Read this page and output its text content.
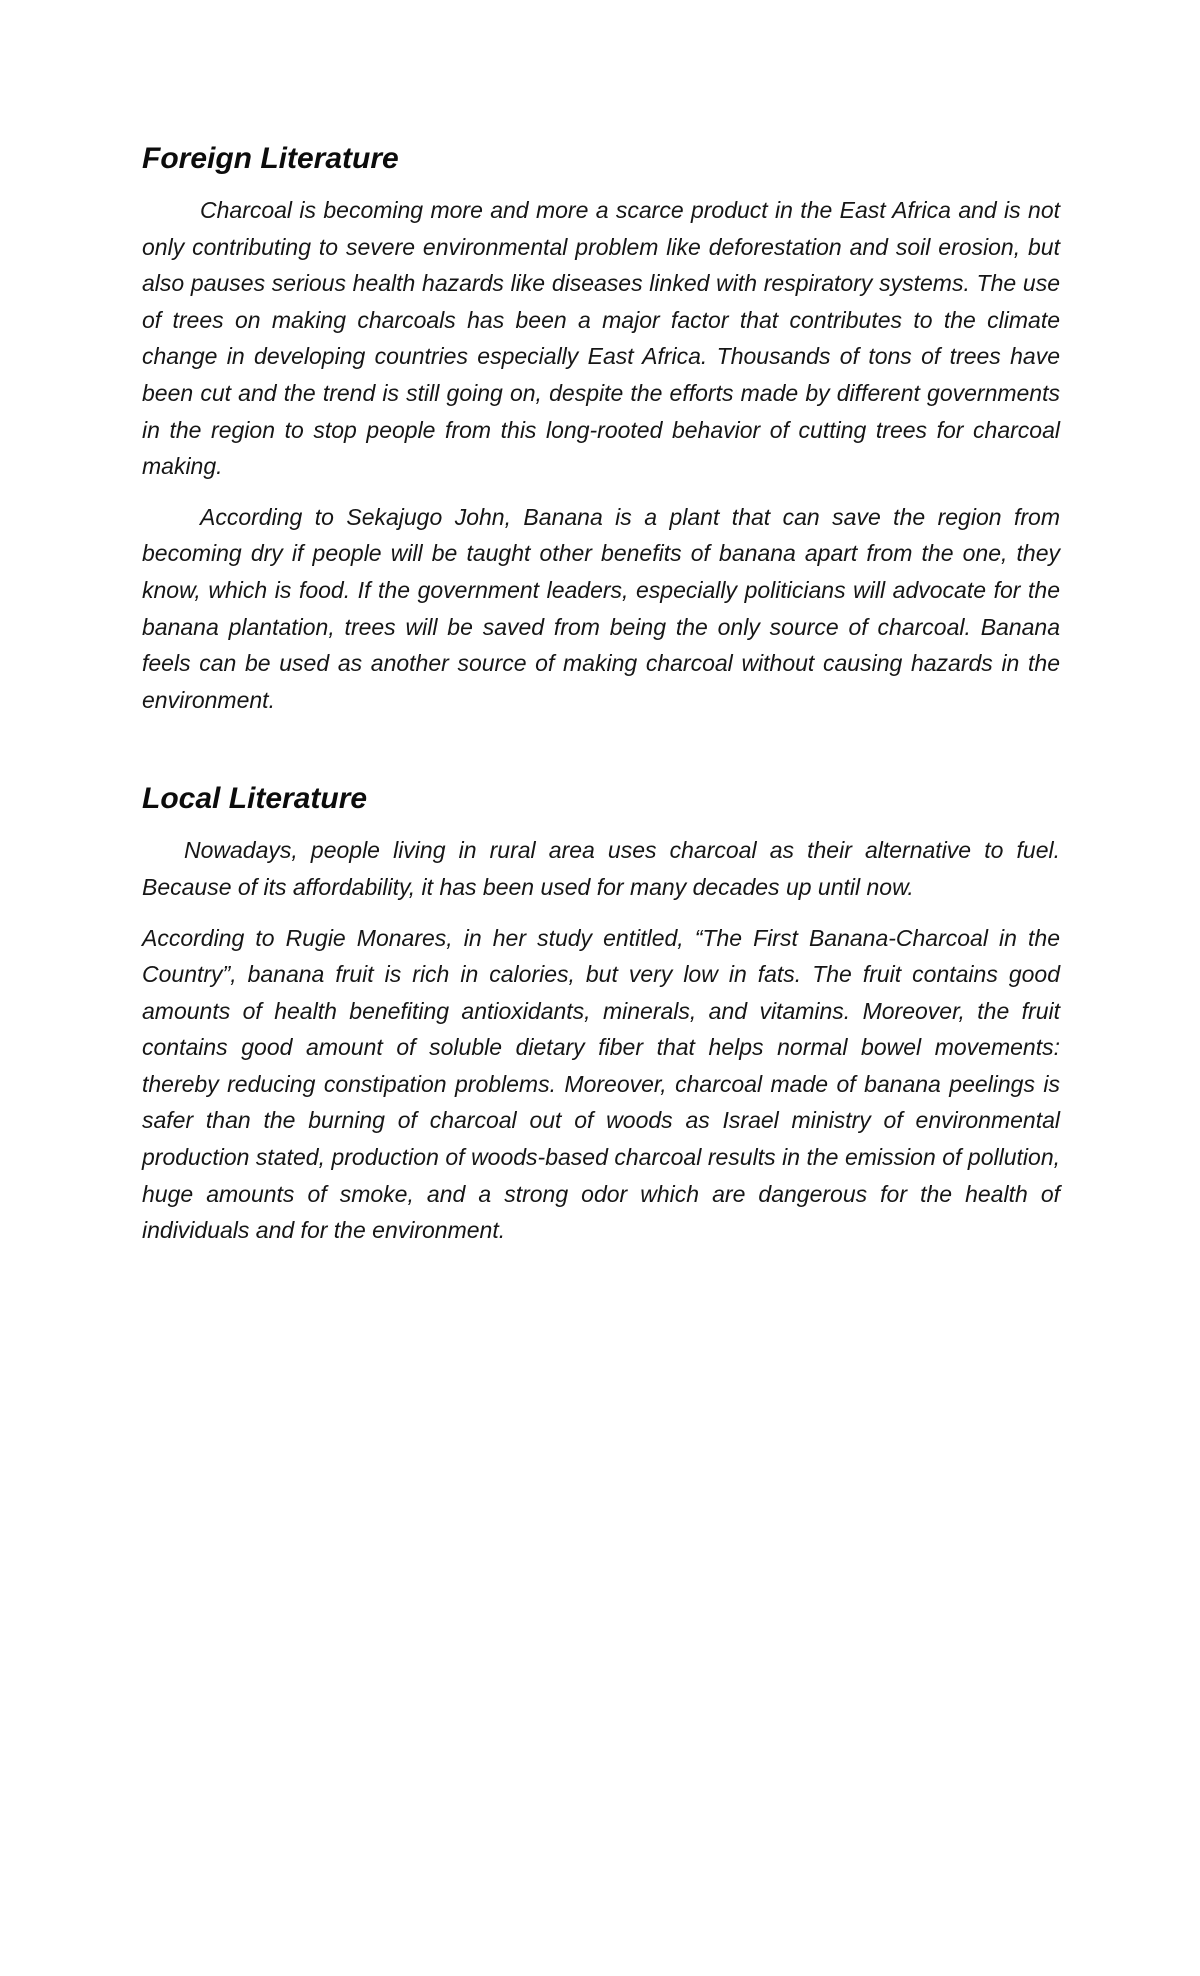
Foreign Literature

Charcoal is becoming more and more a scarce product in the East Africa and is not only contributing to severe environmental problem like deforestation and soil erosion, but also pauses serious health hazards like diseases linked with respiratory systems. The use of trees on making charcoals has been a major factor that contributes to the climate change in developing countries especially East Africa. Thousands of tons of trees have been cut and the trend is still going on, despite the efforts made by different governments in the region to stop people from this long-rooted behavior of cutting trees for charcoal making.

According to Sekajugo John, Banana is a plant that can save the region from becoming dry if people will be taught other benefits of banana apart from the one, they know, which is food. If the government leaders, especially politicians will advocate for the banana plantation, trees will be saved from being the only source of charcoal. Banana feels can be used as another source of making charcoal without causing hazards in the environment.

Local Literature

Nowadays, people living in rural area uses charcoal as their alternative to fuel. Because of its affordability, it has been used for many decades up until now.

According to Rugie Monares, in her study entitled, “The First Banana-Charcoal in the Country”, banana fruit is rich in calories, but very low in fats. The fruit contains good amounts of health benefiting antioxidants, minerals, and vitamins. Moreover, the fruit contains good amount of soluble dietary fiber that helps normal bowel movements: thereby reducing constipation problems. Moreover, charcoal made of banana peelings is safer than the burning of charcoal out of woods as Israel ministry of environmental production stated, production of woods-based charcoal results in the emission of pollution, huge amounts of smoke, and a strong odor which are dangerous for the health of individuals and for the environment.
